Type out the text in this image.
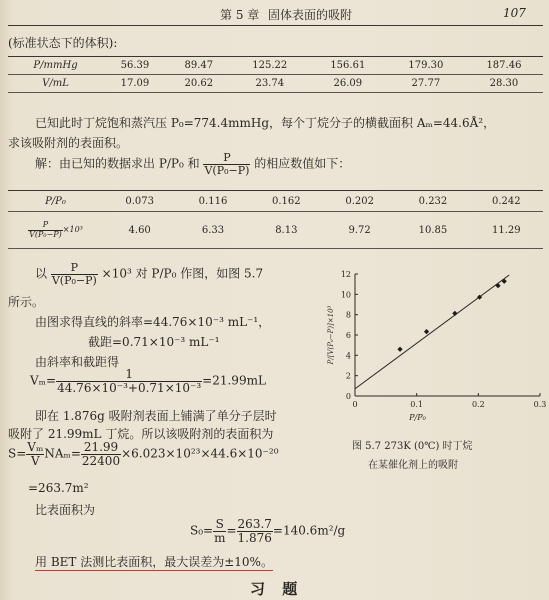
第 5 章 固体表面的吸附	107
(标准状态下的体积):
P/mmHg	56.39	89.47	125.22	156.61	179.30	187.46
V/mL	17.09	20.62	23.74	26.09	27.77	28.30
已知此时丁烷饱和蒸汽压 P₀=774.4mmHg，每个丁烷分子的横截面积 Aₘ=44.6Å²，
求该吸附剂的表面积。
解：由已知的数据求出 P/P₀ 和 $\frac{P}{\text{V(P₀−P)}}$ 的相应数值如下：
P/P₀	0.073	0.116	0.162	0.202	0.232	0.242

$\frac{P}{\text{V(P₀−P)}} \times 10^3$	4.60	6.33	8.13	9.72	10.85	11.29
以 $\frac{P}{\text{V(P₀−P)}} \times 10^3$ 对 P/P₀ 作图，如图 5.7
所示。
由图求得直线的斜率=44.76×10⁻³ mL⁻¹，
截距=0.71×10⁻³ mL⁻¹
由斜率和截距得
$V_m= \frac{1}{\text{44.76×10⁻³+0.71×10⁻³}} =21.99mL$
即在 1.876g 吸附剂表面上铺满了单分子层时
吸附了 21.99mL 丁烷。所以该吸附剂的表面积为
$S= \frac{\text{Vₘ}}{V} NA_m= \frac{21.99}{22400} \times 6.023\times 10^{23}\times 44.6\times 10^{-20}$
=263.7m²
比表面积为
$S_0= \frac{S}{m} = \frac{263.7}{1.876} =140.6m^2/g$
用 BET 法测比表面积，最大误差为±10%。
习 题
0
2
4
6
8
10
12
0	0.1	0.2	0.3
P/P₀
P/[V(P₀−P)]×10³
图 5.7 273K (0℃) 时丁烷
在某催化剂上的吸附
